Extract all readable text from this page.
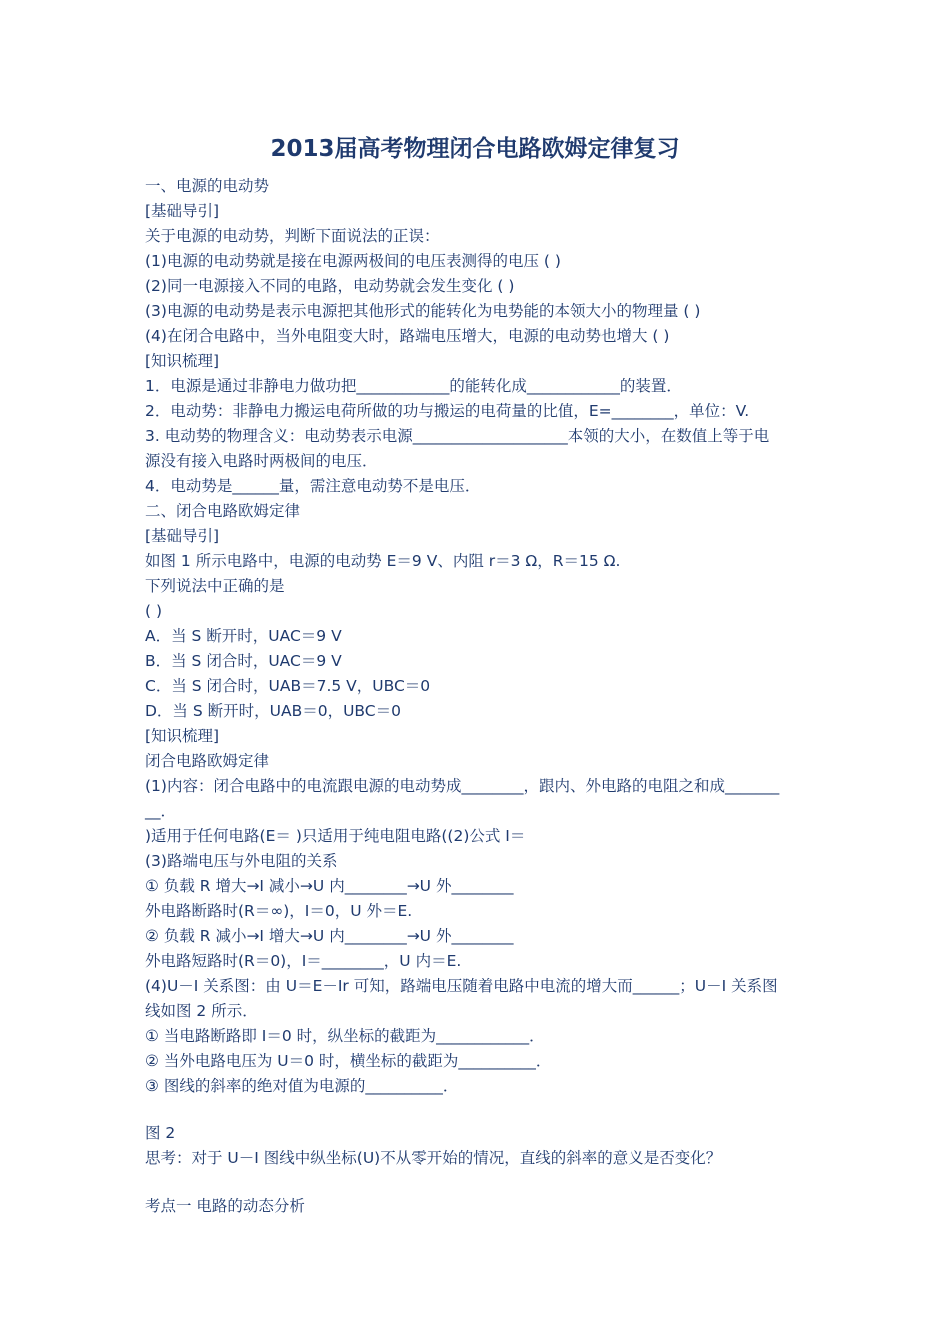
2013届高考物理闭合电路欧姆定律复习
一、电源的电动势
[基础导引]
关于电源的电动势，判断下面说法的正误：
(1)电源的电动势就是接在电源两极间的电压表测得的电压 ( )
(2)同一电源接入不同的电路，电动势就会发生变化 ( )
(3)电源的电动势是表示电源把其他形式的能转化为电势能的本领大小的物理量 ( )
(4)在闭合电路中，当外电阻变大时，路端电压增大，电源的电动势也增大 ( )
[知识梳理]
1．电源是通过非静电力做功把____________的能转化成____________的装置．
2．电动势：非静电力搬运电荷所做的功与搬运的电荷量的比值，E=________，单位：V.
3. 电动势的物理含义：电动势表示电源____________________本领的大小，在数值上等于电
源没有接入电路时两极间的电压．
4．电动势是______量，需注意电动势不是电压．
二、闭合电路欧姆定律
[基础导引]
如图 1 所示电路中，电源的电动势 E＝9 V、内阻 r＝3 Ω，R＝15 Ω.
下列说法中正确的是
( )
A．当 S 断开时，UAC＝9 V
B．当 S 闭合时，UAC＝9 V
C．当 S 闭合时，UAB＝7.5 V，UBC＝0
D．当 S 断开时，UAB＝0，UBC＝0
[知识梳理]
闭合电路欧姆定律
(1)内容：闭合电路中的电流跟电源的电动势成________，跟内、外电路的电阻之和成_______
__．
)适用于任何电路(E＝ )只适用于纯电阻电路((2)公式 I＝
(3)路端电压与外电阻的关系
① 负载 R 增大→I 减小→U 内________→U 外________
外电路断路时(R＝∞)，I＝0，U 外＝E.
② 负载 R 减小→I 增大→U 内________→U 外________
外电路短路时(R＝0)，I＝________，U 内＝E.
(4)U－I 关系图：由 U＝E－Ir 可知，路端电压随着电路中电流的增大而______；U－I 关系图
线如图 2 所示．
① 当电路断路即 I＝0 时，纵坐标的截距为____________．
② 当外电路电压为 U＝0 时，横坐标的截距为__________．
③ 图线的斜率的绝对值为电源的__________．
图 2
思考：对于 U－I 图线中纵坐标(U)不从零开始的情况，直线的斜率的意义是否变化？
考点一 电路的动态分析
